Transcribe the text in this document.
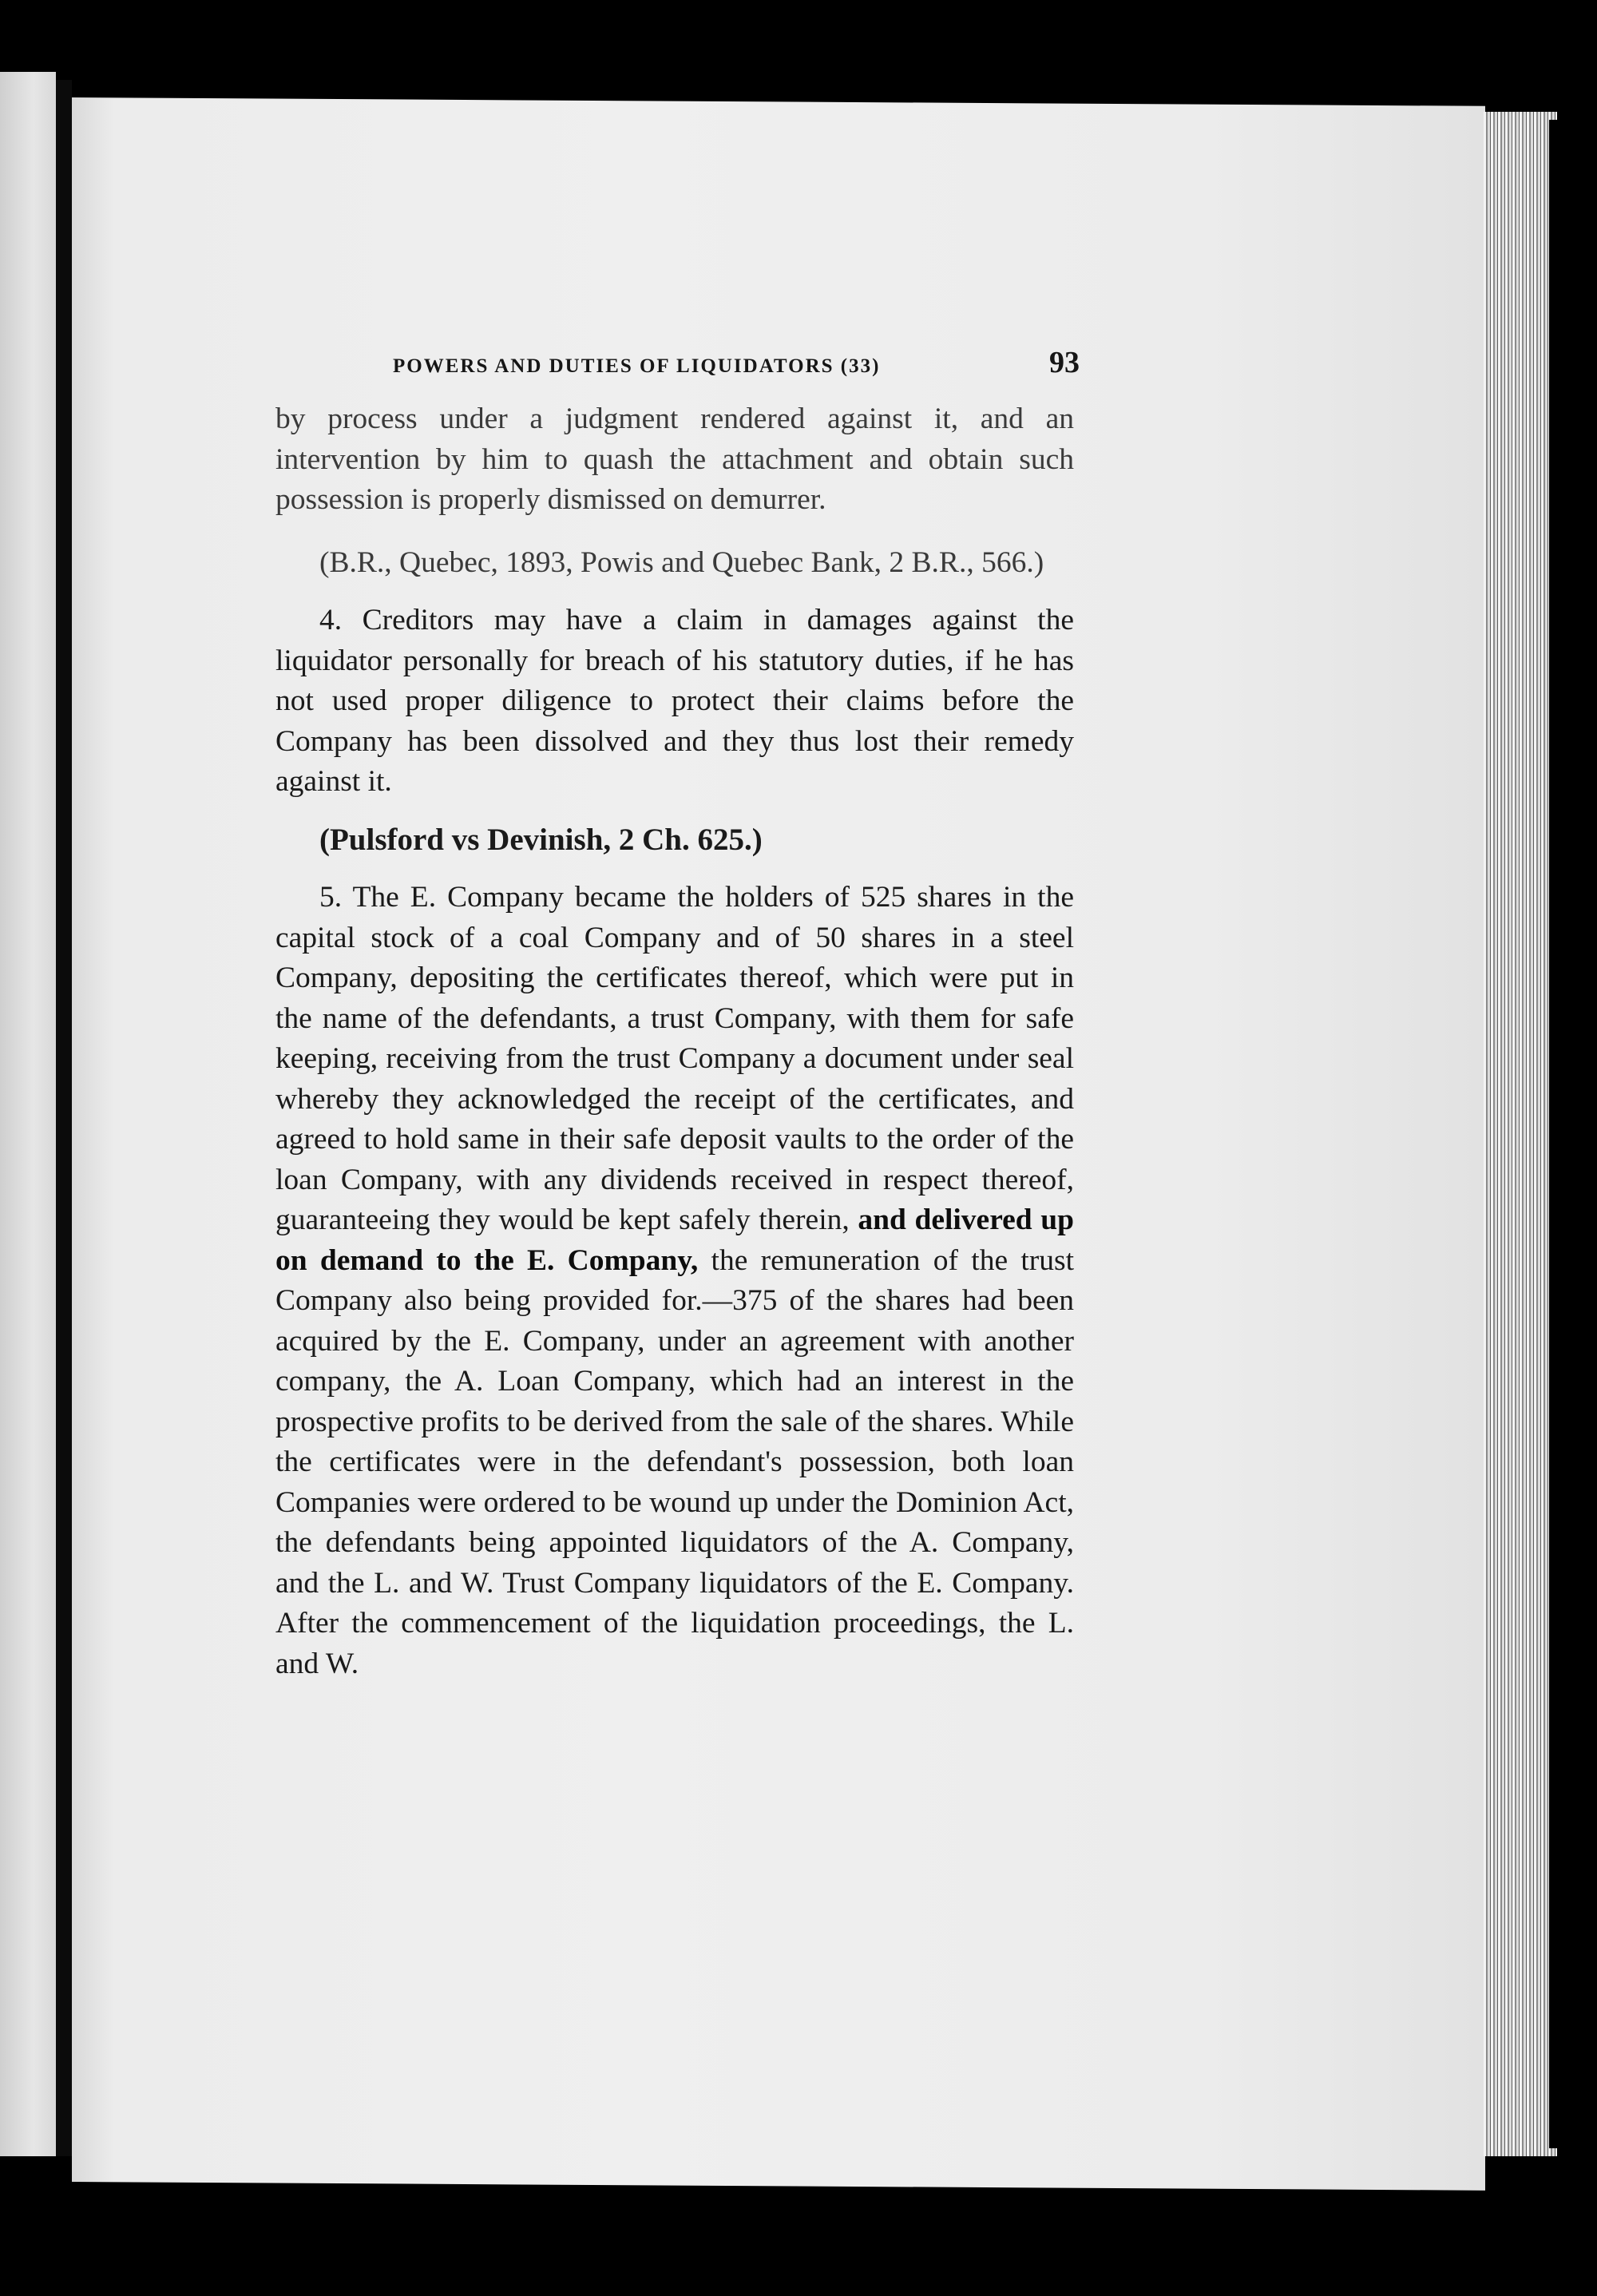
POWERS AND DUTIES OF LIQUIDATORS (33)	93

by process under a judgment rendered against it, and an intervention by him to quash the attachment and obtain such possession is properly dismissed on demurrer.

(B.R., Quebec, 1893, Powis and Quebec Bank, 2 B.R., 566.)

4. Creditors may have a claim in damages against the liquidator personally for breach of his statutory duties, if he has not used proper diligence to protect their claims before the Company has been dissolved and they thus lost their remedy against it.

(Pulsford vs Devinish, 2 Ch. 625.)

5. The E. Company became the holders of 525 shares in the capital stock of a coal Company and of 50 shares in a steel Company, depositing the certificates thereof, which were put in the name of the defendants, a trust Company, with them for safe keeping, receiving from the trust Company a document under seal whereby they acknowledged the receipt of the certificates, and agreed to hold same in their safe deposit vaults to the order of the loan Company, with any dividends received in respect thereof, guaranteeing they would be kept safely therein, and delivered up on demand to the E. Company, the remuneration of the trust Company also being provided for.—375 of the shares had been acquired by the E. Company, under an agreement with another company, the A. Loan Company, which had an interest in the prospective profits to be derived from the sale of the shares. While the certificates were in the defendant's possession, both loan Companies were ordered to be wound up under the Dominion Act, the defendants being appointed liquidators of the A. Company, and the L. and W. Trust Company liquidators of the E. Company. After the commencement of the liquidation proceedings, the L. and W.
